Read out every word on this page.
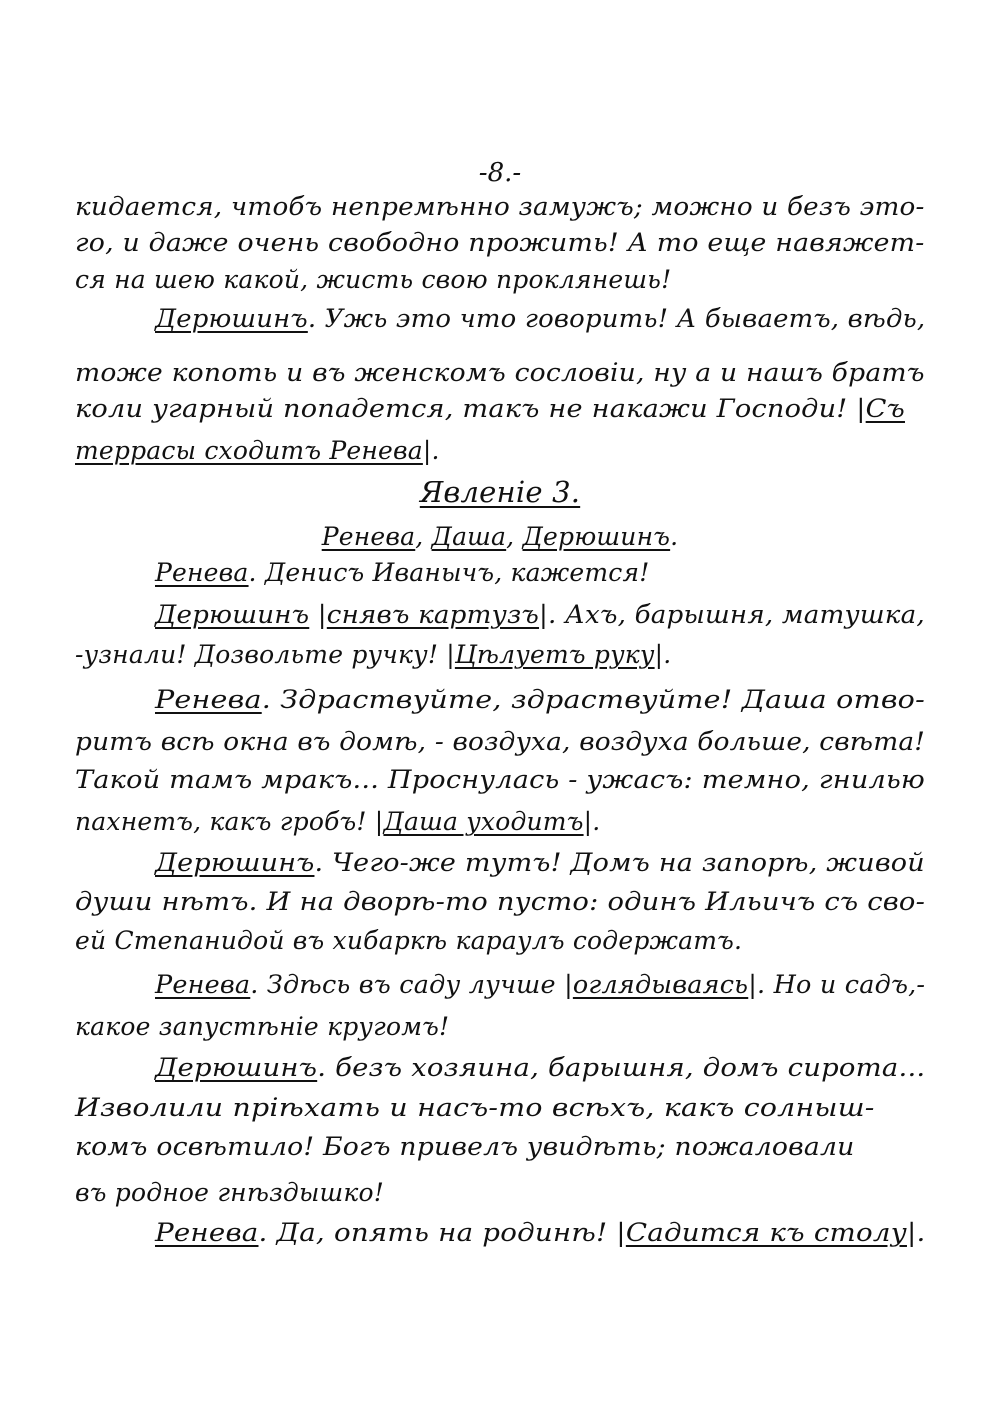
-8.-
кидается, чтобъ непремѣнно замужъ; можно и безъ это-
го, и даже очень свободно прожить! А то еще навяжет-
ся на шею какой, жисть свою проклянешь!
Дерюшинъ. Ужь это что говорить! А бываетъ, вѣдь,
тоже копоть и въ женскомъ сословіи, ну а и нашъ братъ
коли угарный попадется, такъ не накажи Господи! |Съ
террасы сходитъ Ренева|.
Явленіе 3.
Ренева, Даша, Дерюшинъ.
Ренева. Денисъ Иванычъ, кажется!
Дерюшинъ |снявъ картузъ|. Ахъ, барышня, матушка,
-узнали! Дозвольте ручку! |Цѣлуетъ руку|.
Ренева. Здраствуйте, здраствуйте! Даша отво-
ритъ всѣ окна въ домѣ, - воздуха, воздуха больше, свѣта!
Такой тамъ мракъ... Проснулась - ужасъ: темно, гнилью
пахнетъ, какъ гробъ! |Даша уходитъ|.
Дерюшинъ. Чего-же тутъ! Домъ на запорѣ, живой
души нѣтъ. И на дворѣ-то пусто: одинъ Ильичъ съ сво-
ей Степанидой въ хибаркѣ караулъ содержатъ.
Ренева. Здѣсь въ саду лучше |оглядываясь|. Но и садъ,-
какое запустѣніе кругомъ!
Дерюшинъ. безъ хозяина, барышня, домъ сирота...
Изволили пріѣхать и насъ-то всѣхъ, какъ солныш-
комъ освѣтило! Богъ привелъ увидѣть; пожаловали
въ родное гнѣздышко!
Ренева. Да, опять на родинѣ! |Садится къ столу|.
